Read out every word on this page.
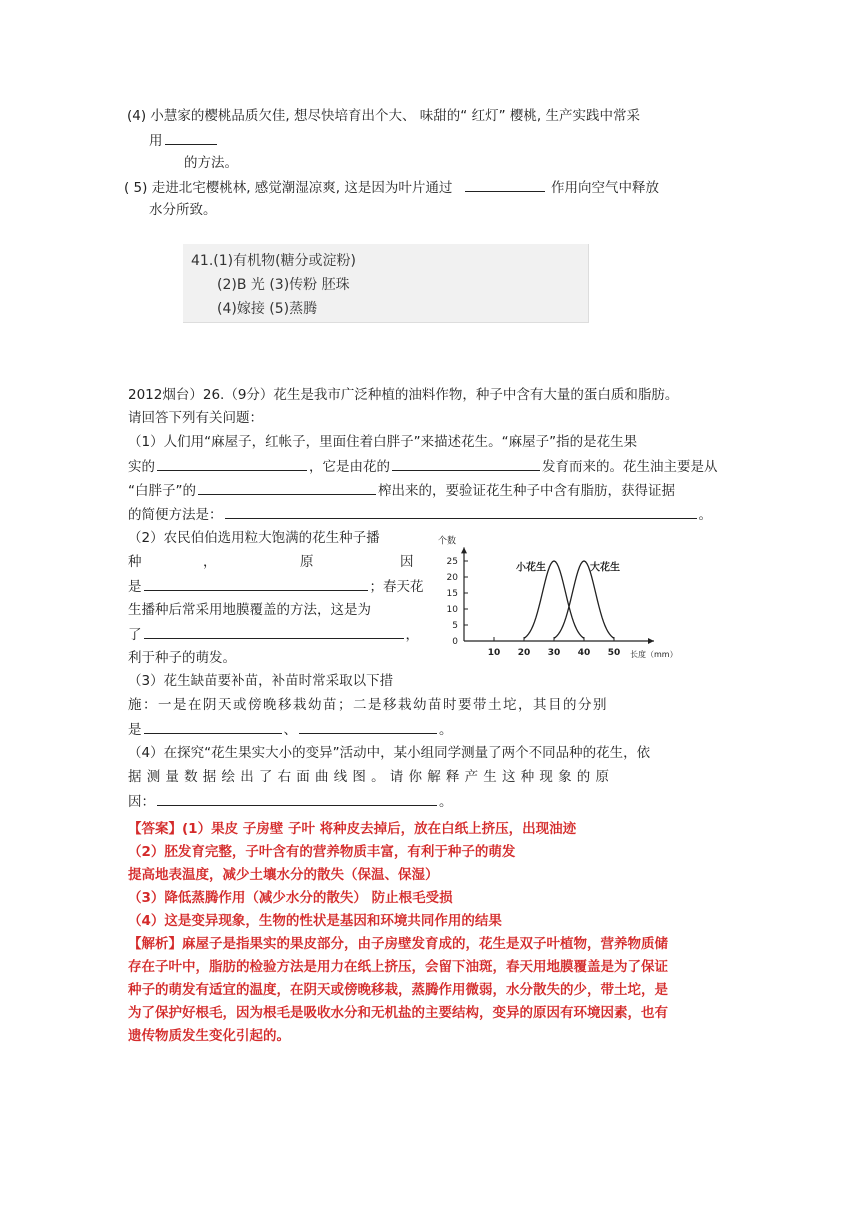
(4) 小慧家的樱桃品质欠佳, 想尽快培育出个大、 味甜的“ 红灯” 樱桃, 生产实践中常采
用
的方法。
( 5) 走进北宅樱桃林, 感觉潮湿凉爽, 这是因为叶片通过	作用向空气中释放
水分所致。
41.(1)有机物(糖分或淀粉)
(2)B 光 (3)传粉 胚珠
(4)嫁接 (5)蒸腾
2012烟台）26.（9分）花生是我市广泛种植的油料作物，种子中含有大量的蛋白质和脂肪。
请回答下列有关问题：
（1）人们用“麻屋子，红帐子，里面住着白胖子”来描述花生。“麻屋子”指的是花生果
实的	，它是由花的	发育而来的。花生油主要是从
“白胖子”的	榨出来的，要验证花生种子中含有脂肪，获得证据
的简便方法是：	。
（2）农民伯伯选用粒大饱满的花生种子播
种	，	原	因
是	；春天花
生播种后常采用地膜覆盖的方法，这是为
了	，
利于种子的萌发。
（3）花生缺苗要补苗，补苗时常采取以下措
施：一是在阴天或傍晚移栽幼苗；二是移栽幼苗时要带土坨，其目的分别
是	、	。
（4）在探究“花生果实大小的变异”活动中，某小组同学测量了两个不同品种的花生，依
据测量数据绘出了右面曲线图。请你解释产生这种现象的原
因：	。
【答案】(1）果皮 子房壁 子叶 将种皮去掉后，放在白纸上挤压，出现油迹
（2）胚发育完整，子叶含有的营养物质丰富，有利于种子的萌发
提高地表温度，减少土壤水分的散失（保温、保湿）
（3）降低蒸腾作用（减少水分的散失） 防止根毛受损
（4）这是变异现象，生物的性状是基因和环境共同作用的结果
【解析】麻屋子是指果实的果皮部分，由子房壁发育成的，花生是双子叶植物，营养物质储
存在子叶中，脂肪的检验方法是用力在纸上挤压，会留下油斑，春天用地膜覆盖是为了保证
种子的萌发有适宜的温度，在阴天或傍晚移栽，蒸腾作用微弱，水分散失的少，带土坨，是
为了保护好根毛，因为根毛是吸收水分和无机盐的主要结构，变异的原因有环境因素，也有
遗传物质发生变化引起的。
0
5
10
15
20
25
10 20 30 40 50
个数
长度（mm）
小花生	大花生
